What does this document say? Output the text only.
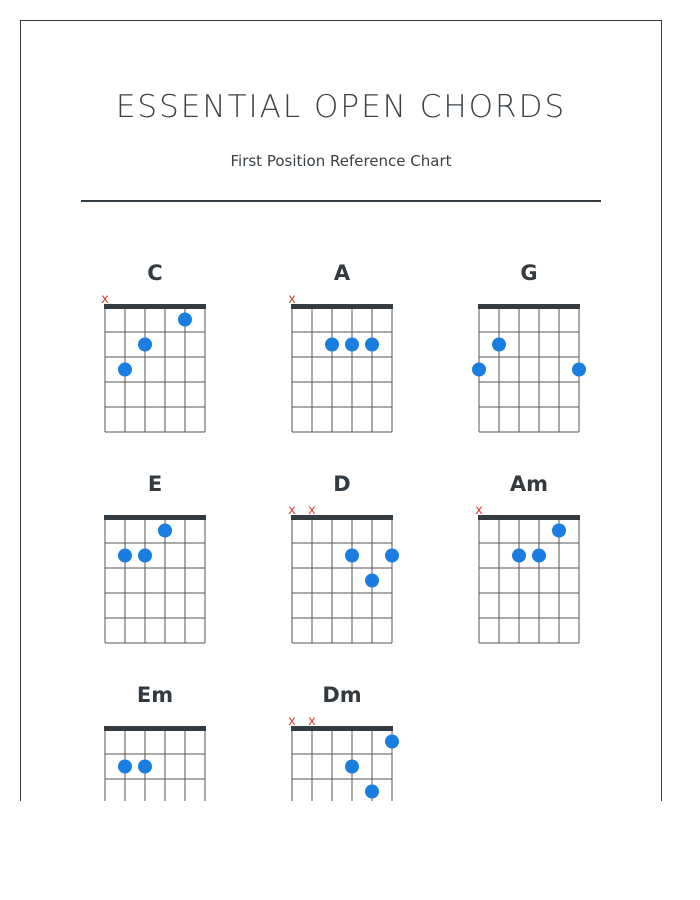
ESSENTIAL OPEN CHORDS

First Position Reference Chart

C
x
A
x
G
E	D
x x
Am
x
Em	Dm
x x
